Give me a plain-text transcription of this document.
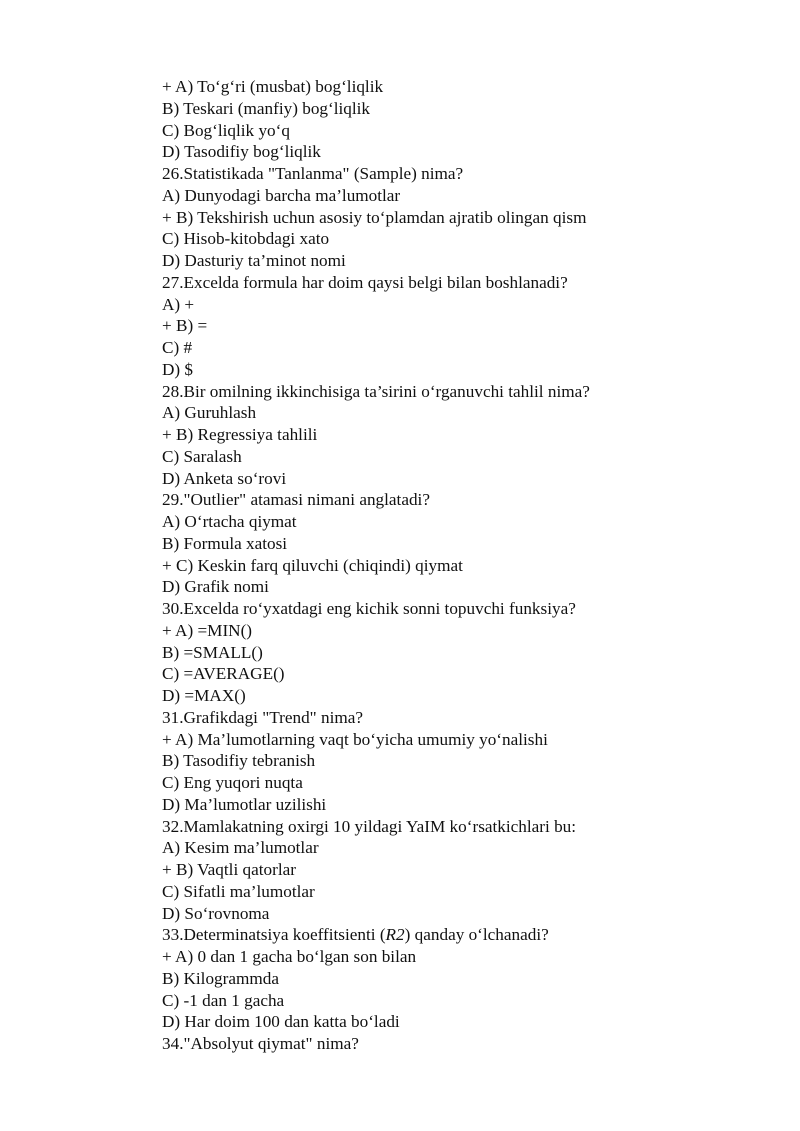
+ A) To‘g‘ri (musbat) bog‘liqlik
B) Teskari (manfiy) bog‘liqlik
C) Bog‘liqlik yo‘q
D) Tasodifiy bog‘liqlik
26.Statistikada "Tanlanma" (Sample) nima?
A) Dunyodagi barcha ma’lumotlar
+ B) Tekshirish uchun asosiy to‘plamdan ajratib olingan qism
C) Hisob-kitobdagi xato
D) Dasturiy ta’minot nomi
27.Excelda formula har doim qaysi belgi bilan boshlanadi?
A) +
+ B) =
C) #
D) $
28.Bir omilning ikkinchisiga ta’sirini o‘rganuvchi tahlil nima?
A) Guruhlash
+ B) Regressiya tahlili
C) Saralash
D) Anketa so‘rovi
29."Outlier" atamasi nimani anglatadi?
A) O‘rtacha qiymat
B) Formula xatosi
+ C) Keskin farq qiluvchi (chiqindi) qiymat
D) Grafik nomi
30.Excelda ro‘yxatdagi eng kichik sonni topuvchi funksiya?
+ A) =MIN()
B) =SMALL()
C) =AVERAGE()
D) =MAX()
31.Grafikdagi "Trend" nima?
+ A) Ma’lumotlarning vaqt bo‘yicha umumiy yo‘nalishi
B) Tasodifiy tebranish
C) Eng yuqori nuqta
D) Ma’lumotlar uzilishi
32.Mamlakatning oxirgi 10 yildagi YaIM ko‘rsatkichlari bu:
A) Kesim ma’lumotlar
+ B) Vaqtli qatorlar
C) Sifatli ma’lumotlar
D) So‘rovnoma
33.Determinatsiya koeffitsienti (R2) qanday o‘lchanadi?
+ A) 0 dan 1 gacha bo‘lgan son bilan
B) Kilogrammda
C) -1 dan 1 gacha
D) Har doim 100 dan katta bo‘ladi
34."Absolyut qiymat" nima?
